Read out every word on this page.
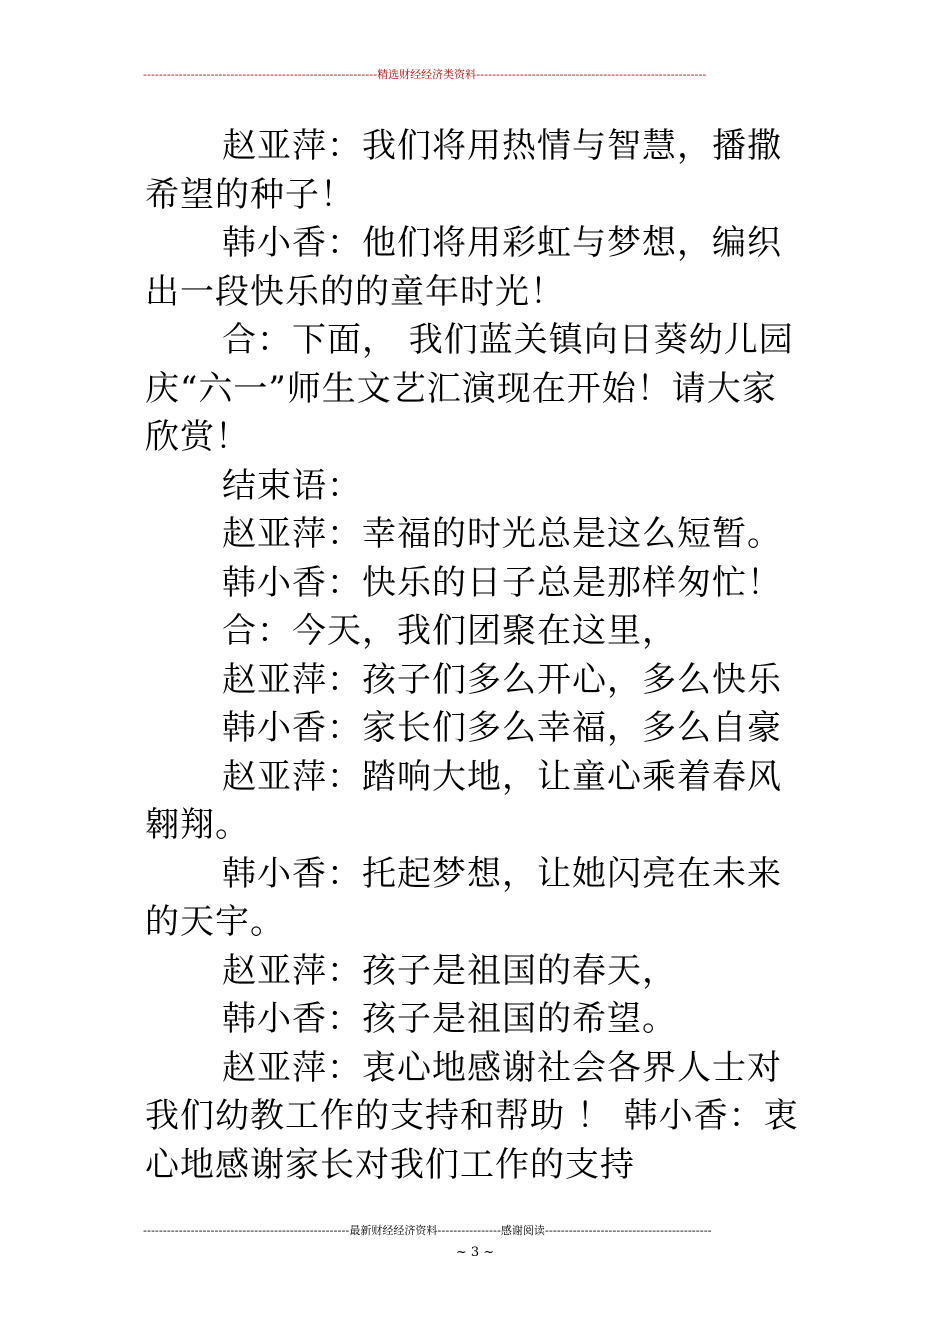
-----------------------------------------------------------精选财经经济类资料----------------------------------------------------------

赵亚萍：我们将用热情与智慧，播撒希望的种子！

韩小香：他们将用彩虹与梦想，编织出一段快乐的的童年时光！

合：下面， 我们蓝关镇向日葵幼儿园庆“六一”师生文艺汇演现在开始！请大家欣赏！

结束语：

赵亚萍：幸福的时光总是这么短暂。

韩小香：快乐的日子总是那样匆忙！

合：今天，我们团聚在这里，

赵亚萍：孩子们多么开心，多么快乐

韩小香：家长们多么幸福，多么自豪

赵亚萍：踏响大地，让童心乘着春风翱翔。

韩小香：托起梦想，让她闪亮在未来的天宇。

赵亚萍：孩子是祖国的春天，

韩小香：孩子是祖国的希望。

赵亚萍：衷心地感谢社会各界人士对我们幼教工作的支持和帮助 ！ 韩小香：衷心地感谢家长对我们工作的支持

----------------------------------------------------最新财经经济资料----------------感谢阅读------------------------------------------
~ 3 ~
